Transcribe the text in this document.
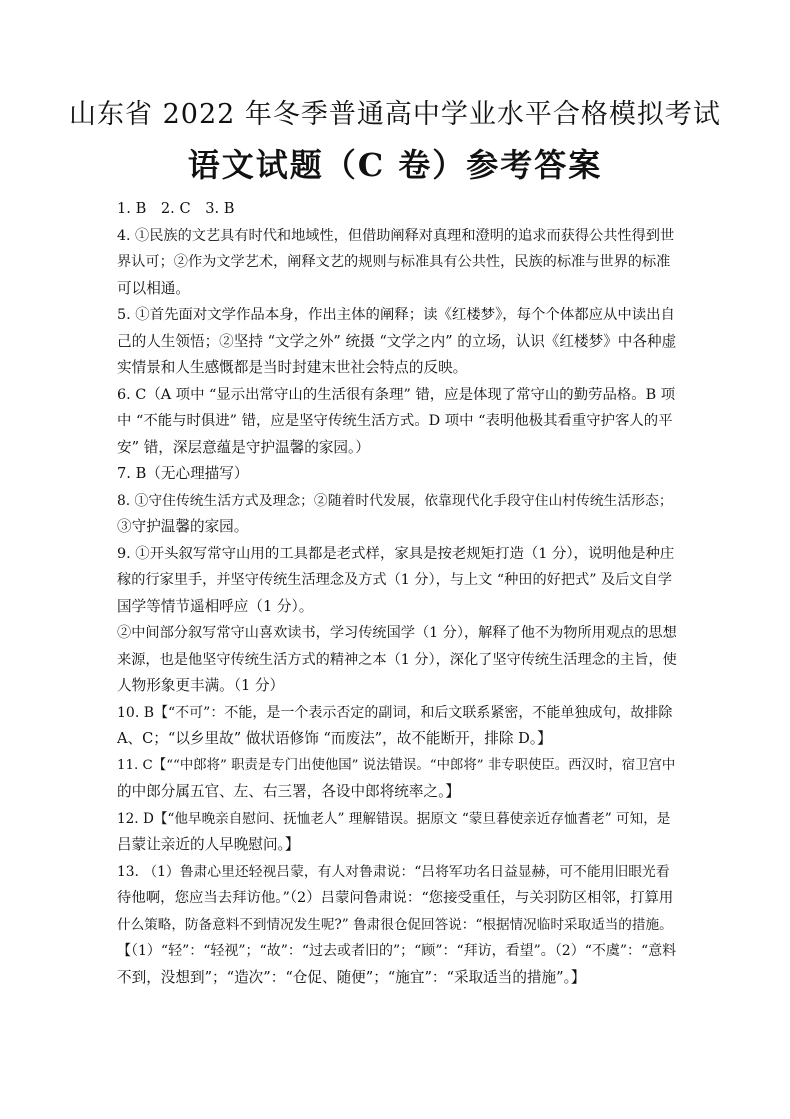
山东省 2022 年冬季普通高中学业水平合格模拟考试
语文试题（C 卷）参考答案
1. B　2. C　3. B
4. ①民族的文艺具有时代和地域性，但借助阐释对真理和澄明的追求而获得公共性得到世
界认可；②作为文学艺术，阐释文艺的规则与标准具有公共性，民族的标准与世界的标准
可以相通。
5. ①首先面对文学作品本身，作出主体的阐释；读《红楼梦》，每个个体都应从中读出自
己的人生领悟；②坚持 “文学之外” 统摄 “文学之内” 的立场，认识《红楼梦》中各种虚
实情景和人生感慨都是当时封建末世社会特点的反映。
6. C（A 项中 “显示出常守山的生活很有条理” 错，应是体现了常守山的勤劳品格。B 项
中 “不能与时俱进” 错，应是坚守传统生活方式。D 项中 “表明他极其看重守护客人的平
安” 错，深层意蕴是守护温馨的家园。）
7. B（无心理描写）
8. ①守住传统生活方式及理念；②随着时代发展，依靠现代化手段守住山村传统生活形态；
③守护温馨的家园。
9. ①开头叙写常守山用的工具都是老式样，家具是按老规矩打造（1 分），说明他是种庄
稼的行家里手，并坚守传统生活理念及方式（1 分），与上文 “种田的好把式” 及后文自学
国学等情节遥相呼应（1 分）。
②中间部分叙写常守山喜欢读书，学习传统国学（1 分），解释了他不为物所用观点的思想
来源，也是他坚守传统生活方式的精神之本（1 分），深化了坚守传统生活理念的主旨，使
人物形象更丰满。（1 分）
10. B【“不可”：不能，是一个表示否定的副词，和后文联系紧密，不能单独成句，故排除
A、C；“以乡里故” 做状语修饰 “而废法”，故不能断开，排除 D。】
11. C【““中郎将” 职责是专门出使他国” 说法错误。“中郎将” 非专职使臣。西汉时，宿卫宫中
的中郎分属五官、左、右三署，各设中郎将统率之。】
12. D【“他早晚亲自慰问、抚恤老人” 理解错误。据原文 “蒙旦暮使亲近存恤耆老” 可知，是
吕蒙让亲近的人早晚慰问。】
13. （1）鲁肃心里还轻视吕蒙，有人对鲁肃说：“吕将军功名日益显赫，可不能用旧眼光看
待他啊，您应当去拜访他。”（2）吕蒙问鲁肃说：“您接受重任，与关羽防区相邻，打算用
什么策略，防备意料不到情况发生呢?” 鲁肃很仓促回答说：“根据情况临时采取适当的措施。
【（1）“轻”：“轻视”；“故”：“过去或者旧的”；“顾”：“拜访，看望”。（2）“不虞”：“意料
不到，没想到”；“造次”：“仓促、随便”；“施宜”：“采取适当的措施”。】
